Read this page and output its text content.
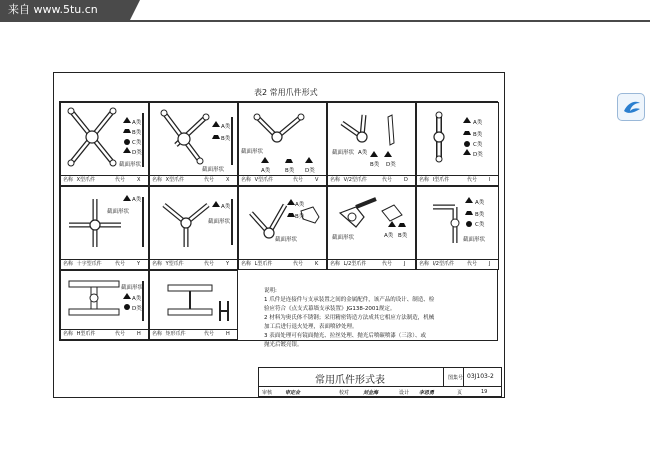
来自 www.5tu.cn
表2 常用爪件形式
A类
B类
C类
D类
截面形状
名称 X型爪件	代号	X
A类
B类
截面形状
名称 X型爪件	代号	X
截面形状
A类	B类 D类
名称 V型爪件	代号	V
截面形状 A类
B类 D类
名称 V/2型爪件	代号	D
A类
B类
C类
D类
名称 I型爪件	代号	I
A类
截面形状
名称 十字型爪件	代号	Y
A类
截面形状
名称 Y型爪件	代号	Y
A类
B类
截面形状
名称 L型爪件	代号	K
截面形状	A类 B类
名称 L/2型爪件	代号	J
A类
B类
C类
截面形状
名称 I/2型爪件	代号	J
截面形状
A类
D类
名称 H型爪件	代号	H	名称 矩形爪件	代号	H

说明:

1 爪件是连接件与支承装置之间的金属配件，该产品的设计、制造、检

验应符合《点支式幕墙支承装置》JG138-2001规定。

2 材料为奥氏体不锈钢；采用精密铸造方法成其它相应方法制造，机械

加工后进行退火处理，表面喷砂处理。

3 表面处理可有镜面抛光、拉丝处理、抛光后喷碳喷漆（三涂）、或

抛光后镀亮银。

常用爪件形式表	图集号 03J103-2
审核	审定会	校对	刘金海	设计 李思勇	页	19
